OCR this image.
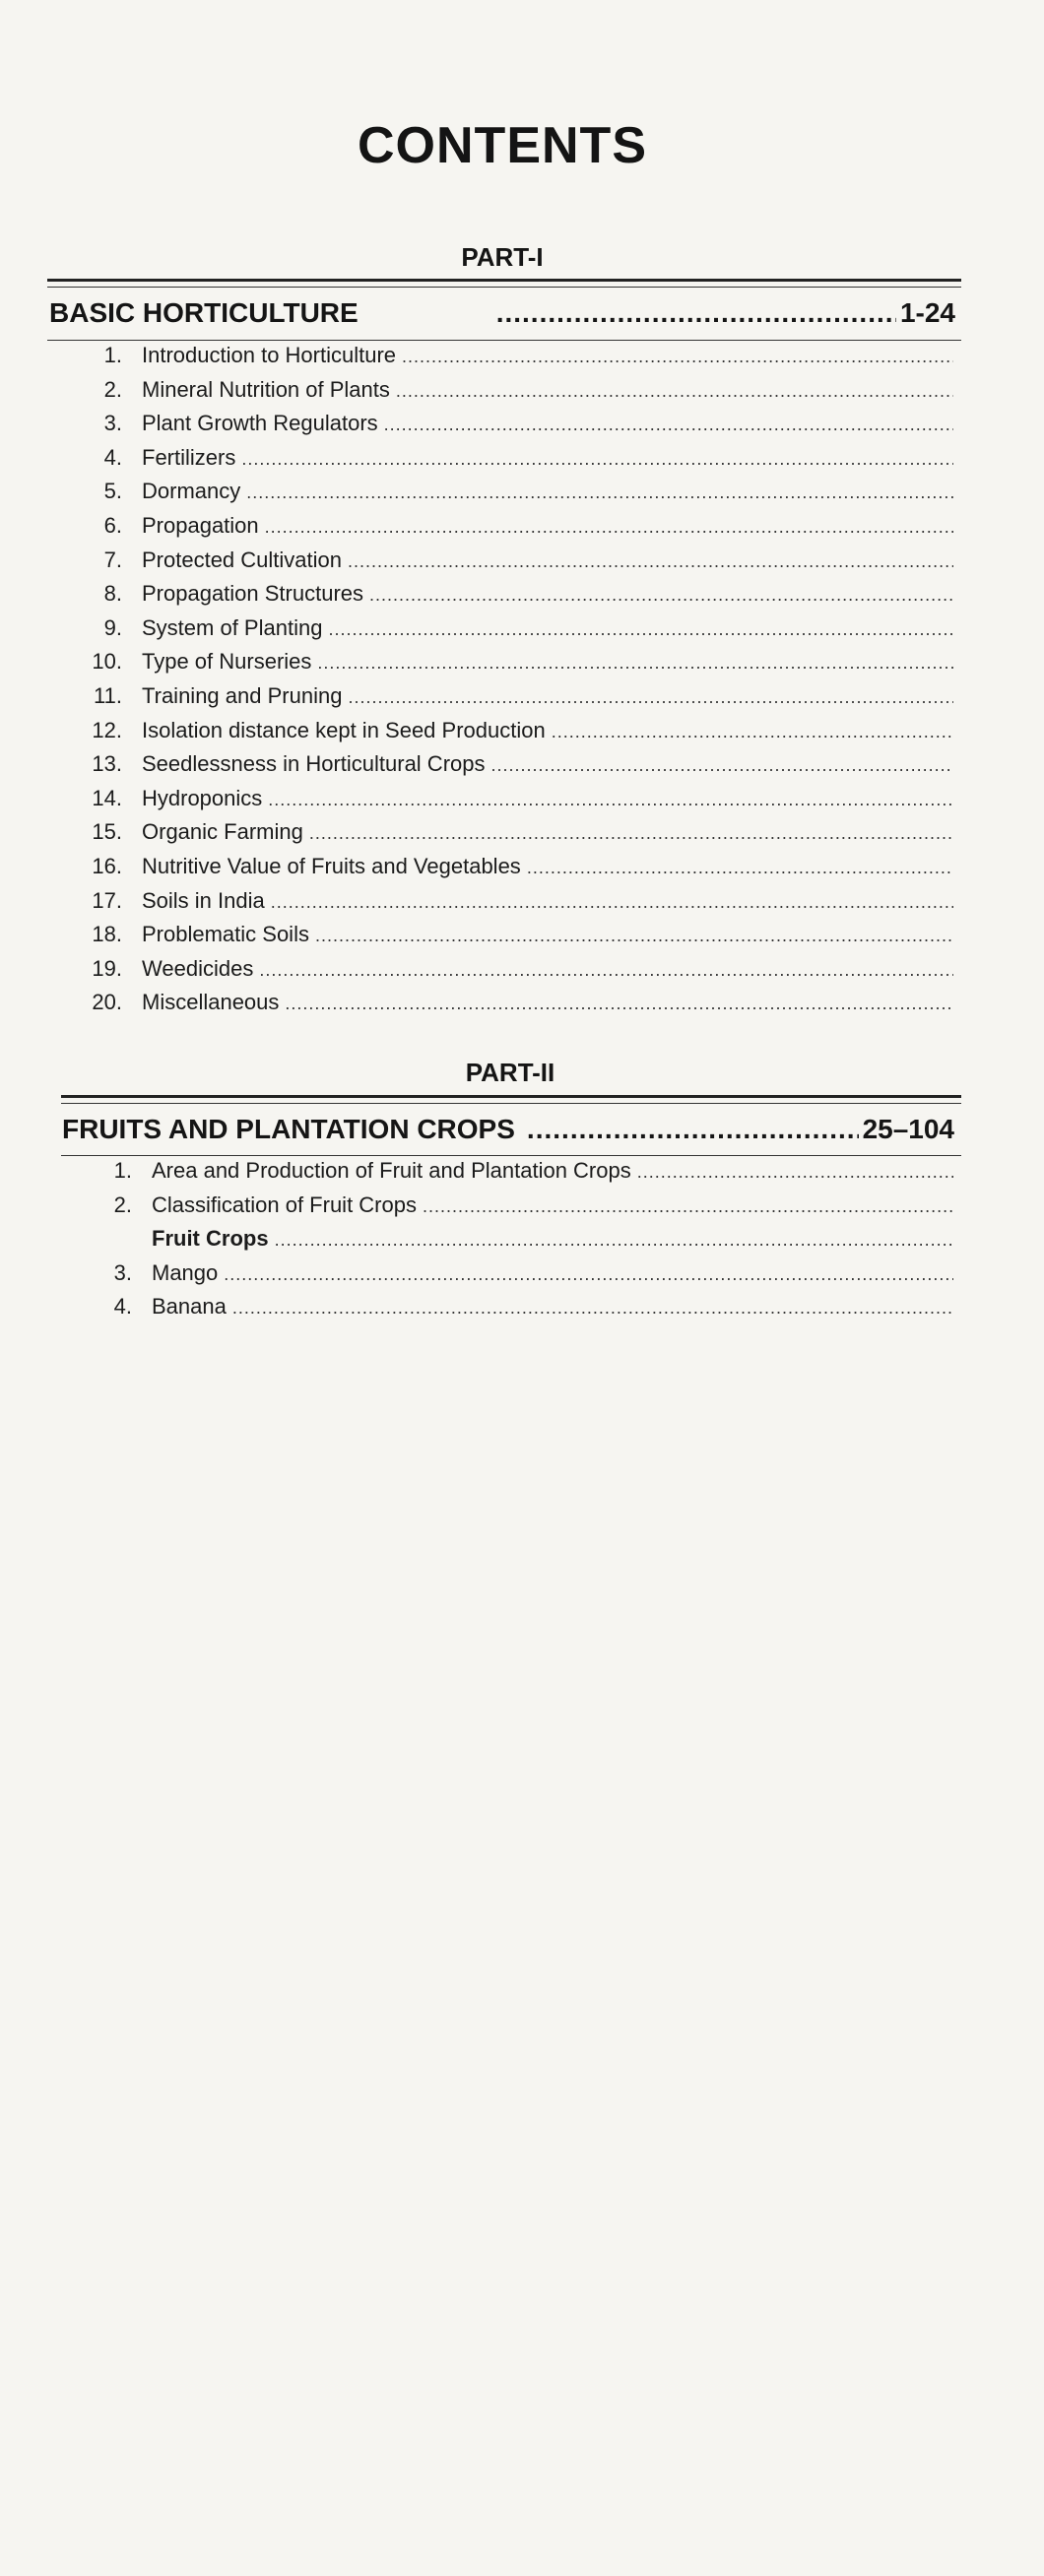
CONTENTS
PART-I
BASIC HORTICULTURE .....	1-24
1. Introduction to Horticulture
.....
2. Mineral Nutrition of Plants
.....
3. Plant Growth Regulators
.....
4. Fertilizers
.....
5. Dormancy
.....
6. Propagation
.....
7. Protected Cultivation
.....
8. Propagation Structures
.....
9. System of Planting
.....
10. Type of Nurseries
.....
11. Training and Pruning
.....
12. Isolation distance kept in Seed Production
.....
13. Seedlessness in Horticultural Crops
.....
14. Hydroponics
.....
15. Organic Farming
.....
16. Nutritive Value of Fruits and Vegetables
.....
17. Soils in India
.....
18. Problematic Soils
.....
19. Weedicides
.....
20. Miscellaneous
.....
PART-II
FRUITS AND PLANTATION CROPS .....	25–104
1. Area and Production of Fruit and Plantation Crops
.....
2. Classification of Fruit Crops
.....
Fruit Crops
.....
3. Mango
.....
4. Banana
.....
